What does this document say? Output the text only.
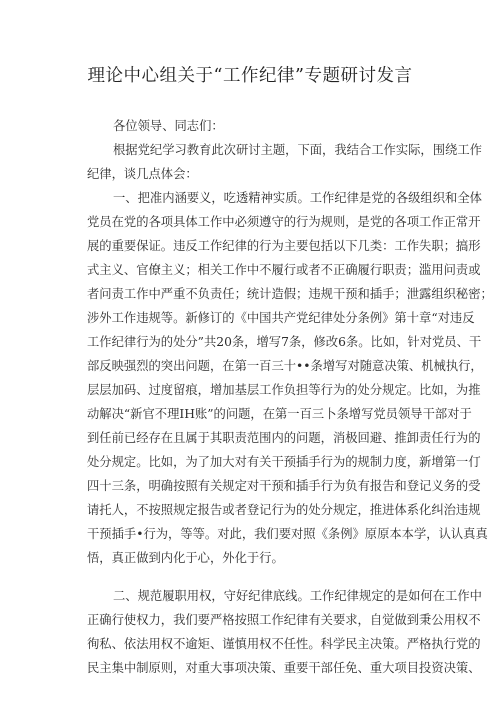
理论中心组关于“工作纪律”专题研讨发言
各位领导、同志们：
根据党纪学习教育此次研讨主题，下面，我结合工作实际，围绕工作
纪律，谈几点体会：
一、把准内涵要义，吃透精神实质。工作纪律是党的各级组织和全体
党员在党的各项具体工作中必须遵守的行为规则，是党的各项工作正常开
展的重要保证。违反工作纪律的行为主要包括以下几类：工作失职；搞形
式主义、官僚主义；相关工作中不履行或者不正确履行职责；滥用问责或
者问责工作中严重不负责任；统计造假；违规干预和插手；泄露组织秘密；
涉外工作违规等。新修订的《中国共产党纪律处分条例》第十章“对违反
工作纪律行为的处分”共20条，增写7条，修改6条。比如，针对党员、干
部反映强烈的突出问题，在第一百三十••条增写对随意决策、机械执行，
层层加码、过度留痕，增加基层工作负担等行为的处分规定。比如，为推
动解决“新官不理IH账”的问题，在第一百三卜条增写党员领导干部对于
到任前已经存在且属于其职责范围内的问题，消极回避、推卸责任行为的
处分规定。比如，为了加大对有关干预插手行为的规制力度，新增第一仃
四十三条，明确按照有关规定对干预和插手行为负有报告和登记义务的受
请托人，不按照规定报告或者登记行为的处分规定，推进体系化纠治违规
干预插手•行为，等等。对此，我们要对照《条例》原原本本学，认认真真
悟，真正做到内化于心，外化于行。
二、规范履职用权，守好纪律底线。工作纪律规定的是如何在工作中
正确行使权力，我们要严格按照工作纪律有关要求，自觉做到秉公用权不
徇私、依法用权不逾矩、谨慎用权不任性。科学民主决策。严格执行党的
民主集中制原则，对重大事项决策、重要干部任免、重大项目投资决策、
